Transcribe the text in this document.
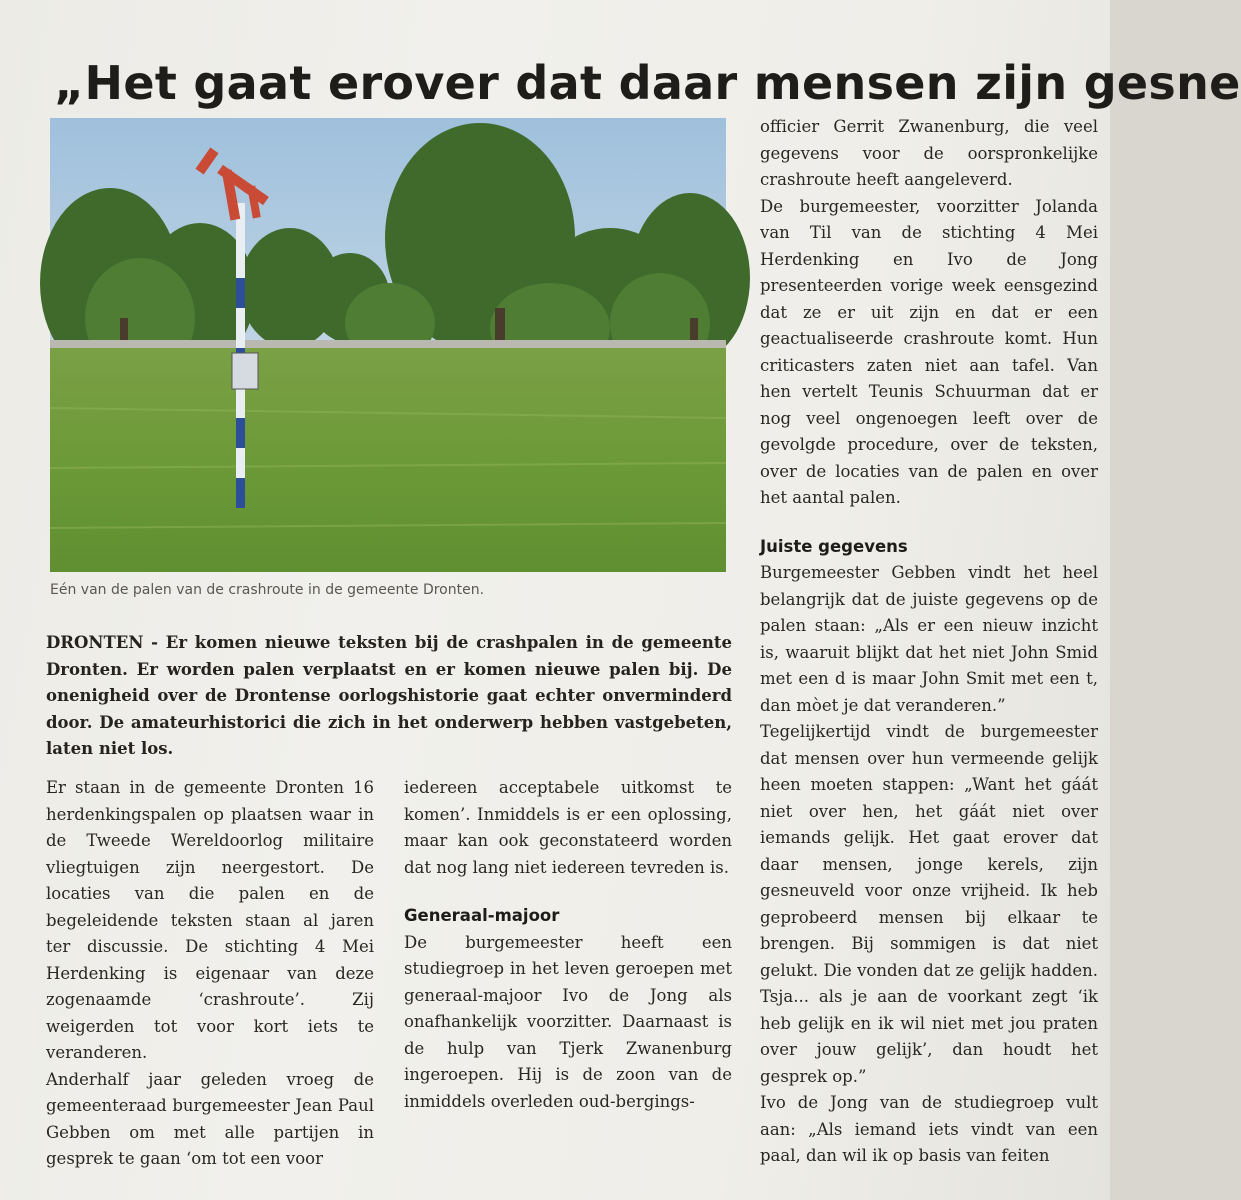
„Het gaat erover dat daar mensen zijn gesne
Eén van de palen van de crashroute in de gemeente Dronten.
DRONTEN - Er komen nieuwe teksten bij de crashpalen in de gemeente Dronten. Er worden palen verplaatst en er komen nieuwe palen bij. De onenigheid over de Drontense oorlogshistorie gaat echter onverminderd door. De amateurhistorici die zich in het onderwerp hebben vastgebeten, laten niet los.

Er staan in de gemeente Dronten 16 herdenkingspalen op plaatsen waar in de Tweede Wereldoorlog militaire vliegtuigen zijn neergestort. De locaties van die palen en de begeleidende teksten staan al jaren ter discussie. De stichting 4 Mei Herdenking is eigenaar van deze zogenaamde ‘crashroute’. Zij weigerden tot voor kort iets te veranderen.

Anderhalf jaar geleden vroeg de gemeenteraad burgemeester Jean Paul Gebben om met alle partijen in gesprek te gaan ‘om tot een voor

iedereen acceptabele uitkomst te komen’. Inmiddels is er een oplossing, maar kan ook geconstateerd worden dat nog lang niet iedereen tevreden is.

Generaal-majoor

De burgemeester heeft een studiegroep in het leven geroepen met generaal-majoor Ivo de Jong als onafhankelijk voorzitter. Daarnaast is de hulp van Tjerk Zwanenburg ingeroepen. Hij is de zoon van de inmiddels overleden oud-bergings-

officier Gerrit Zwanenburg, die veel gegevens voor de oorspronkelijke crashroute heeft aangeleverd.

De burgemeester, voorzitter Jolanda van Til van de stichting 4 Mei Herdenking en Ivo de Jong presenteerden vorige week eensgezind dat ze er uit zijn en dat er een geactualiseerde crashroute komt. Hun criticasters zaten niet aan tafel. Van hen vertelt Teunis Schuurman dat er nog veel ongenoegen leeft over de gevolgde procedure, over de teksten, over de locaties van de palen en over het aantal palen.

Juiste gegevens

Burgemeester Gebben vindt het heel belangrijk dat de juiste gegevens op de palen staan: „Als er een nieuw inzicht is, waaruit blijkt dat het niet John Smid met een d is maar John Smit met een t, dan mòet je dat veranderen.”

Tegelijkertijd vindt de burgemeester dat mensen over hun vermeende gelijk heen moeten stappen: „Want het gáát niet over hen, het gáát niet over iemands gelijk. Het gaat erover dat daar mensen, jonge kerels, zijn gesneuveld voor onze vrijheid. Ik heb geprobeerd mensen bij elkaar te brengen. Bij sommigen is dat niet gelukt. Die vonden dat ze gelijk hadden. Tsja... als je aan de voorkant zegt ‘ik heb gelijk en ik wil niet met jou praten over jouw gelijk’, dan houdt het gesprek op.”

Ivo de Jong van de studiegroep vult aan: „Als iemand iets vindt van een paal, dan wil ik op basis van feiten
